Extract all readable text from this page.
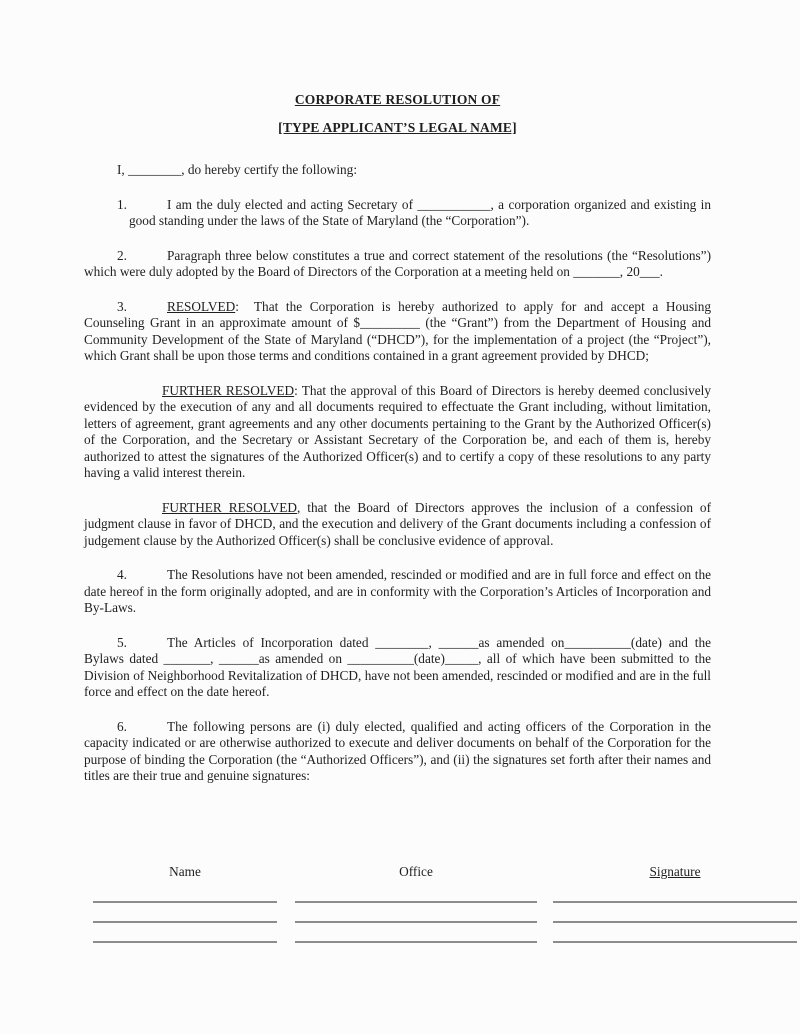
CORPORATE RESOLUTION OF
[TYPE APPLICANT’S LEGAL NAME]

I, ________, do hereby certify the following:

1.	I am the duly elected and acting Secretary of ___________, a corporation organized and existing in good standing under the laws of the State of Maryland (the “Corporation”).

2.	Paragraph three below constitutes a true and correct statement of the resolutions (the “Resolutions”) which were duly adopted by the Board of Directors of the Corporation at a meeting held on _______, 20___.

3.	RESOLVED:  That the Corporation is hereby authorized to apply for and accept a Housing Counseling Grant in an approximate amount of $_________ (the “Grant”) from the Department of Housing and Community Development of the State of Maryland (“DHCD”), for the implementation of a project (the “Project”), which Grant shall be upon those terms and conditions contained in a grant agreement provided by DHCD;

FURTHER RESOLVED: That the approval of this Board of Directors is hereby deemed conclusively evidenced by the execution of any and all documents required to effectuate the Grant including, without limitation, letters of agreement, grant agreements and any other documents pertaining to the Grant by the Authorized Officer(s) of the Corporation, and the Secretary or Assistant Secretary of the Corporation be, and each of them is, hereby authorized to attest the signatures of the Authorized Officer(s) and to certify a copy of these resolutions to any party having a valid interest therein.

FURTHER RESOLVED, that the Board of Directors approves the inclusion of a confession of judgment clause in favor of DHCD, and the execution and delivery of the Grant documents including a confession of judgement clause by the Authorized Officer(s) shall be conclusive evidence of approval.

4.	The Resolutions have not been amended, rescinded or modified and are in full force and effect on the date hereof in the form originally adopted, and are in conformity with the Corporation’s Articles of Incorporation and By-Laws.

5.	The Articles of Incorporation dated ________, ______as amended on__________(date) and the Bylaws dated _______, ______as amended on __________(date)_____, all of which have been submitted to the Division of Neighborhood Revitalization of DHCD, have not been amended, rescinded or modified and are in the full force and effect on the date hereof.

6.	The following persons are (i) duly elected, qualified and acting officers of the Corporation in the capacity indicated or are otherwise authorized to execute and deliver documents on behalf of the Corporation for the purpose of binding the Corporation (the “Authorized Officers”), and (ii) the signatures set forth after their names and titles are their true and genuine signatures:

Name	Office	Signature
